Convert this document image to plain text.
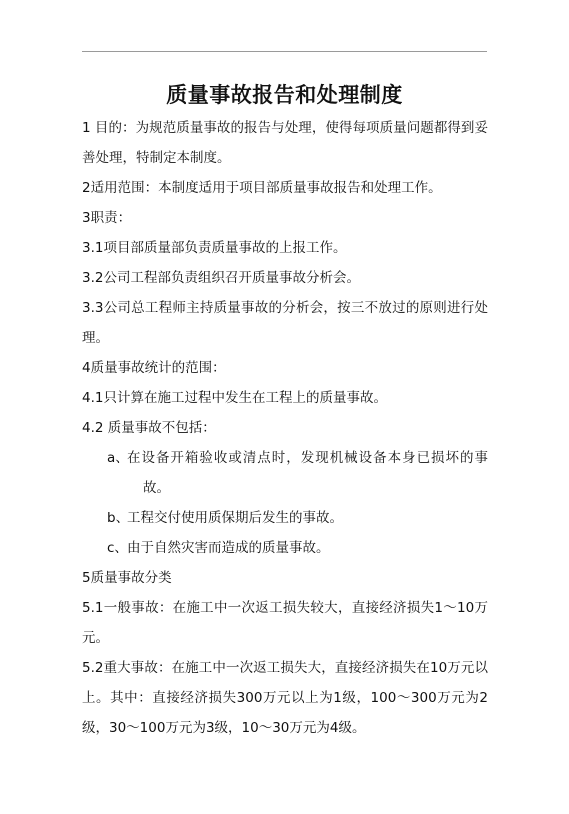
质量事故报告和处理制度

1 目的：为规范质量事故的报告与处理，使得每项质量问题都得到妥善处理，特制定本制度。

2适用范围：本制度适用于项目部质量事故报告和处理工作。

3职责：

3.1项目部质量部负责质量事故的上报工作。

3.2公司工程部负责组织召开质量事故分析会。

3.3公司总工程师主持质量事故的分析会，按三不放过的原则进行处理。

4质量事故统计的范围：

4.1只计算在施工过程中发生在工程上的质量事故。

4.2 质量事故不包括：

a、
在设备开箱验收或清点时，发现机械设备本身已损坏的事故。

b、
工程交付使用质保期后发生的事故。

c、 由于自然灾害而造成的质量事故。

5质量事故分类

5.1一般事故：在施工中一次返工损失较大，直接经济损失1～10万元。

5.2重大事故：在施工中一次返工损失大，直接经济损失在10万元以上。其中：直接经济损失300万元以上为1级，100～300万元为2级，30～100万元为3级，10～30万元为4级。
